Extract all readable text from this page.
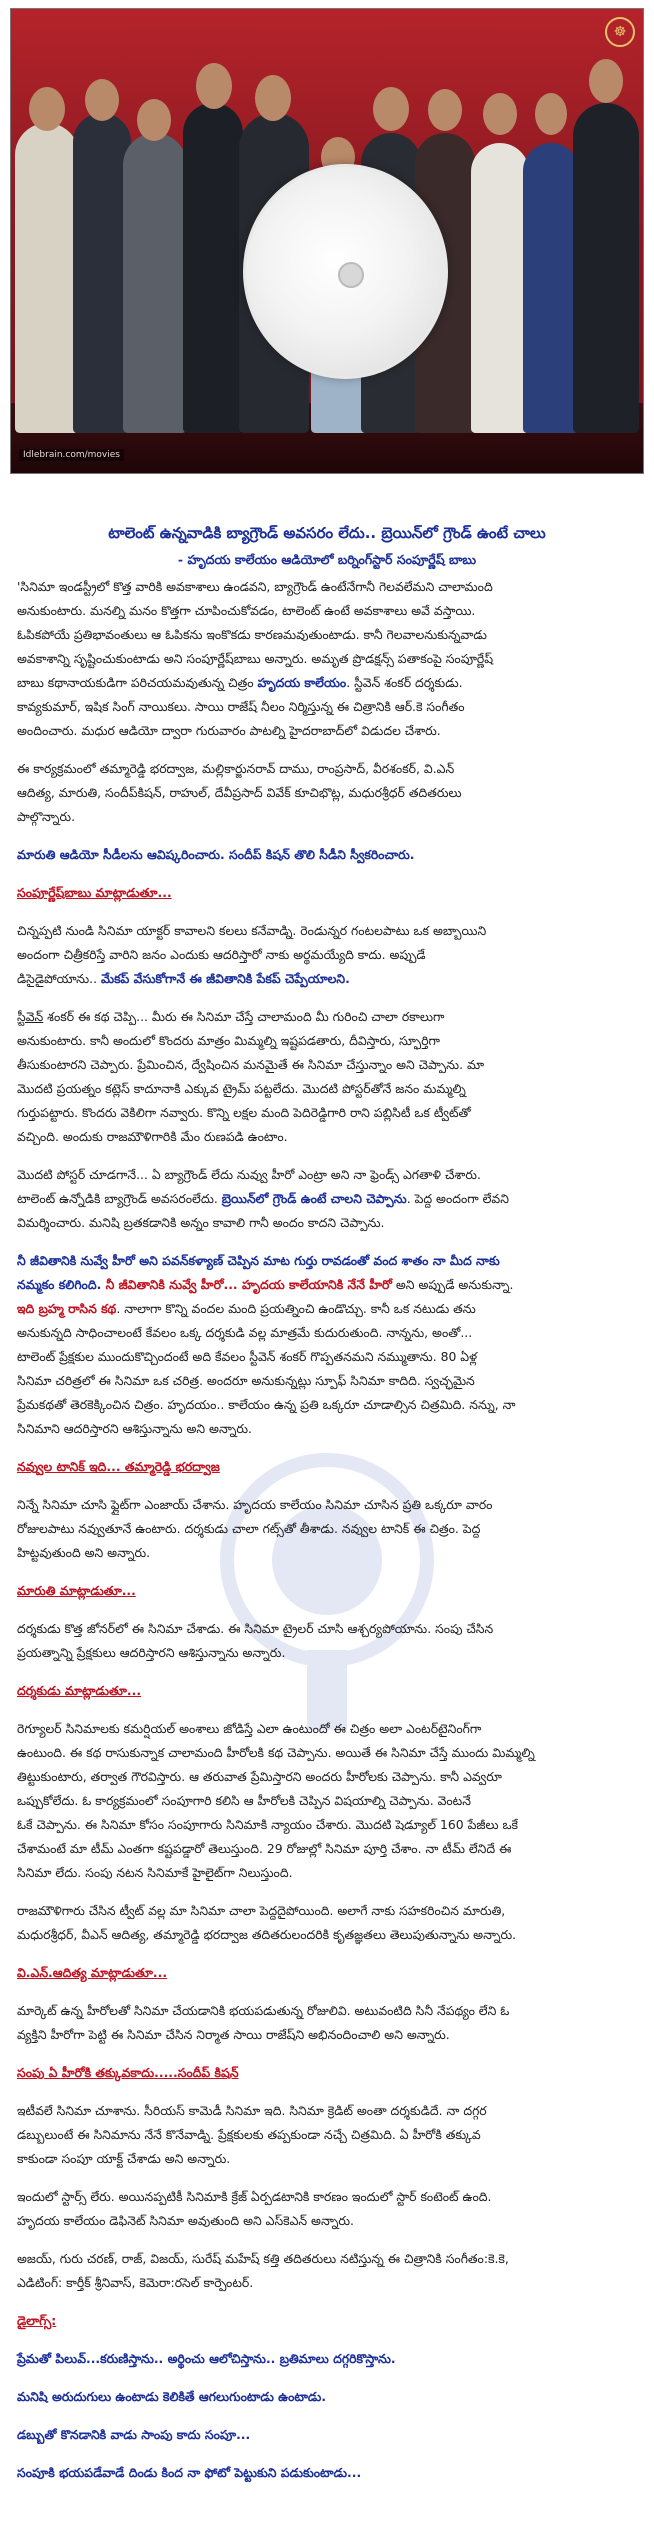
☸
Idlebrain.com/movies
టాలెంట్ ఉన్నవాడికి బ్యాగ్రౌండ్ అవసరం లేదు.. బ్రెయిన్‌లో గ్రౌండ్ ఉంటే చాలు
- హృదయ కాలేయం ఆడియోలో బర్నింగ్‌స్టార్ సంపూర్ణేష్ బాబు
'సినిమా ఇండస్ట్రీలో కొత్త వారికి అవకాశాలు ఉండవని, బ్యాగ్రౌండ్ ఉంటేనేగానీ గెలవలేమని చాలామంది
అనుకుంటారు. మనల్ని మనం కొత్తగా చూపించుకోవడం, టాలెంట్ ఉంటే అవకాశాలు అవే వస్తాయి.
ఓపికపోయే ప్రతిభావంతులు ఆ ఓపికను ఇంకొకడు కారణమవుతుంటాడు. కానీ గెలవాలనుకున్నవాడు
అవకాశాన్ని సృష్టించుకుంటాడు అని సంపూర్ణేష్‌బాబు అన్నారు. అమృత ప్రొడక్షన్స్ పతాకంపై సంపూర్ణేష్
బాబు కథానాయకుడిగా పరిచయమవుతున్న చిత్రం హృదయ కాలేయం. స్టీవెన్ శంకర్ దర్శకుడు.
కావ్యకుమార్, ఇషిక సింగ్ నాయికలు. సాయి రాజేష్ నీలం నిర్మిస్తున్న ఈ చిత్రానికి ఆర్.కె సంగీతం
అందించారు. మధుర ఆడియో ద్వారా గురువారం పాటల్ని హైదరాబాద్‌లో విడుదల చేశారు.
ఈ కార్యక్రమంలో తమ్మారెడ్డి భరద్వాజ, మల్లికార్జునరావ్ దాము, రాంప్రసాద్, వీరశంకర్, వి.ఎన్
ఆదిత్య, మారుతి, సందీప్‌కిషన్, రాహుల్, దేవీప్రసాద్ వివేక్ కూచిభొట్ల, మధురశ్రీధర్ తదితరులు
పాల్గొన్నారు.
మారుతి ఆడియో సీడీలను ఆవిష్కరించారు. సందీప్ కిషన్ తొలి సీడీని స్వీకరించారు.
సంపూర్ణేష్‌బాబు మాట్లాడుతూ...
చిన్నప్పటి నుండి సినిమా యాక్టర్ కావాలని కలలు కనేవాడ్ని. రెండున్నర గంటలపాటు ఒక అబ్బాయిని
అందంగా చిత్రీకరిస్తే వారిని జనం ఎందుకు ఆదరిస్తారో నాకు అర్థమయ్యేది కాదు. అప్పుడే
డిసైడైపోయాను.. మేకప్ వేసుకోగానే ఈ జీవితానికి పేకప్ చెప్పేయాలని.
స్టీవెన్ శంకర్ ఈ కథ చెప్పి... మీరు ఈ సినిమా చేస్తే చాలామంది మీ గురించి చాలా రకాలుగా
అనుకుంటారు. కానీ అందులో కొందరు మాత్రం మిమ్మల్ని ఇష్టపడతారు, దీవిస్తారు, స్ఫూర్తిగా
తీసుకుంటారని చెప్పారు. ప్రేమించిన, ద్వేషించిన మనమైతే ఈ సినిమా చేస్తున్నాం అని చెప్పాను. మా
మొదటి ప్రయత్నం కట్లెస్ కాదూనాకి ఎక్కువ ట్రైమ్ పట్టలేదు. మొదటి పోస్టర్‌తోనే జనం మమ్మల్ని
గుర్తుపట్టారు. కొందరు వెకిలిగా నవ్వారు. కొన్ని లక్షల మంది పెదిరెడ్డిగారి రాని పబ్లిసిటీ ఒక ట్వీట్‌తో
వచ్చింది. అందుకు రాజమౌళిగారికి మేం రుణపడి ఉంటాం.
మొదటి పోస్టర్ చూడగానే... ఏ బ్యాగ్రౌండ్ లేదు నువ్వు హీరో ఎంట్రా అని నా ఫ్రెండ్స్ ఎగతాళి చేశారు.
టాలెంట్ ఉన్నోడికి బ్యాగ్రౌండ్ అవసరంలేదు. బ్రెయిన్‌లో గ్రౌండ్ ఉంటే చాలని చెప్పాను. పెద్ద అందంగా లేవని
విమర్శించారు. మనిషి బ్రతకడానికి అన్నం కావాలి గానీ అందం కాదని చెప్పాను.
నీ జీవితానికి నువ్వే హీరో అని పవన్‌కళ్యాణ్ చెప్పిన మాట గుర్తు రావడంతో వంద శాతం నా మీద నాకు
నమ్మకం కలిగింది. నీ జీవితానికి నువ్వే హీరో... హృదయ కాలేయానికి నేనే హీరో అని అప్పుడే అనుకున్నా.
ఇది బ్రహ్మ రాసిన కథ. నాలాగా కొన్ని వందల మంది ప్రయత్నించి ఉండొచ్చు. కానీ ఒక నటుడు తను
అనుకున్నది సాధించాలంటే కేవలం ఒక్క దర్శకుడి వల్ల మాత్రమే కుదురుతుంది. నాన్నను, అంతో...
టాలెంట్ ప్రేక్షకుల ముందుకొచ్చిందంటే అది కేవలం స్టీవెన్ శంకర్ గొప్పతనమని నమ్ముతాను. 80 ఏళ్ల
సినిమా చరిత్రలో ఈ సినిమా ఒక చరిత్ర. అందరూ అనుకున్నట్లు స్పూఫ్ సినిమా కాదిది. స్వచ్ఛమైన
ప్రేమకథతో తెరకెక్కించిన చిత్రం. హృదయం.. కాలేయం ఉన్న ప్రతి ఒక్కరూ చూడాల్సిన చిత్రమిది. నన్ను, నా
సినిమాని ఆదరిస్తారని ఆశిస్తున్నాను అని అన్నారు.
నవ్వుల టానిక్ ఇది... తమ్మారెడ్డి భరద్వాజ
నిన్నే సినిమా చూసి ఫ్లైట్‌గా ఎంజాయ్ చేశాను. హృదయ కాలేయం సినిమా చూసిన ప్రతి ఒక్కరూ వారం
రోజులపాటు నవ్వుతూనే ఉంటారు. దర్శకుడు చాలా గట్స్‌తో తీశాడు. నవ్వుల టానిక్ ఈ చిత్రం. పెద్ద
హిట్టవుతుంది అని అన్నారు.
మారుతి మాట్లాడుతూ...
దర్శకుడు కొత్త జోనర్‌లో ఈ సినిమా చేశాడు. ఈ సినిమా ట్రైలర్ చూసి ఆశ్చర్యపోయాను. సంపు చేసిన
ప్రయత్నాన్ని ప్రేక్షకులు ఆదరిస్తారని ఆశిస్తున్నాను అన్నారు.
దర్శకుడు మాట్లాడుతూ...
రెగ్యూలర్ సినిమాలకు కమర్షియల్ అంశాలు జోడిస్తే ఎలా ఉంటుందో ఈ చిత్రం అలా ఎంటర్‌టైనింగ్‌గా
ఉంటుంది. ఈ కథ రాసుకున్నాక చాలామంది హీరోలకి కథ చెప్పాను. అయితే ఈ సినిమా చేస్తే ముందు మిమ్మల్ని
తిట్టుకుంటారు, తర్వాత గౌరవిస్తారు. ఆ తరువాత ప్రేమిస్తారని అందరు హీరోలకు చెప్పాను. కానీ ఎవ్వరూ
ఒప్పుకోలేదు. ఓ కార్యక్రమంలో సంపూగారి కలిసి ఆ హీరోలకి చెప్పిన విషయాల్ని చెప్పాను. వెంటనే
ఓకే చెప్పాను. ఈ సినిమా కోసం సంపూగారు సినిమాకి న్యాయం చేశారు. మొదటి షెడ్యూల్ 160 పేజీలు ఒకే
చేశామంటే మా టీమ్ ఎంతగా కష్టపడ్డారో తెలుస్తుంది. 29 రోజుల్లో సినిమా పూర్తి చేశాం. నా టీమ్ లేనిదే ఈ
సినిమా లేదు. సంపు నటన సినిమాకే హైలైట్‌గా నిలుస్తుంది.
రాజమౌళిగారు చేసిన ట్వీట్ వల్ల మా సినిమా చాలా పెద్దదైపోయింది. అలాగే నాకు సహకరించిన మారుతి,
మధురశ్రీధర్, వీఎన్ ఆదిత్య, తమ్మారెడ్డి భరద్వాజ తదితరులందరికి కృతజ్ఞతలు తెలుపుతున్నాను అన్నారు.
వి.ఎన్.ఆదిత్య మాట్లాడుతూ...
మార్కెట్ ఉన్న హీరోలతో సినిమా చేయడానికి భయపడుతున్న రోజులివి. అటువంటిది సినీ నేపథ్యం లేని ఓ
వ్యక్తిని హీరోగా పెట్టి ఈ సినిమా చేసిన నిర్మాత సాయి రాజేష్‌ని అభినందించాలి అని అన్నారు.
సంపు ఏ హీరోకి తక్కువకాదు.....సందీప్ కిషన్
ఇటీవలే సినిమా చూశాను. సీరియస్ కామెడీ సినిమా ఇది. సినిమా క్రెడిట్ అంతా దర్శకుడిదే. నా దగ్గర
డబ్బులుంటే ఈ సినిమాను నేనే కొనేవాడ్ని. ప్రేక్షకులకు తప్పకుండా నచ్చే చిత్రమిది. ఏ హీరోకి తక్కువ
కాకుండా సంపూ యాక్ట్ చేశాడు అని అన్నారు.
ఇందులో స్టార్స్ లేరు. అయినప్పటికీ సినిమాకి క్రేజ్ ఏర్పడటానికి కారణం ఇందులో స్టార్ కంటెంట్ ఉంది.
హృదయ కాలేయం డెఫినెట్ సినిమా అవుతుంది అని ఎస్‌కెఎన్ అన్నారు.
అజయ్, గురు చరణ్, రాజ్, విజయ్, సురేష్ మహేష్ కత్తి తదితరులు నటిస్తున్న ఈ చిత్రానికి సంగీతం:కె.కె,
ఎడిటింగ్: కార్తీక్ శ్రీనివాస్, కెమెరా:రసెల్ కార్పెంటర్.
డైలాగ్స్:
ప్రేమతో పిలువ్...కరుణిస్తాను.. అర్థించు ఆలోచిస్తాను.. బ్రతిమాలు దగ్గరికొస్తాను.
మనిషి అరుదుగులు ఉంటాడు కెలికితే ఆగలుగుంటాడు ఉంటాడు.
డబ్బుతో కొనడానికి వాడు సాంపు కాదు సంపూ...
సంపూకి భయపడేవాడే దిండు కింద నా ఫోటో పెట్టుకుని పడుకుంటాడు...
